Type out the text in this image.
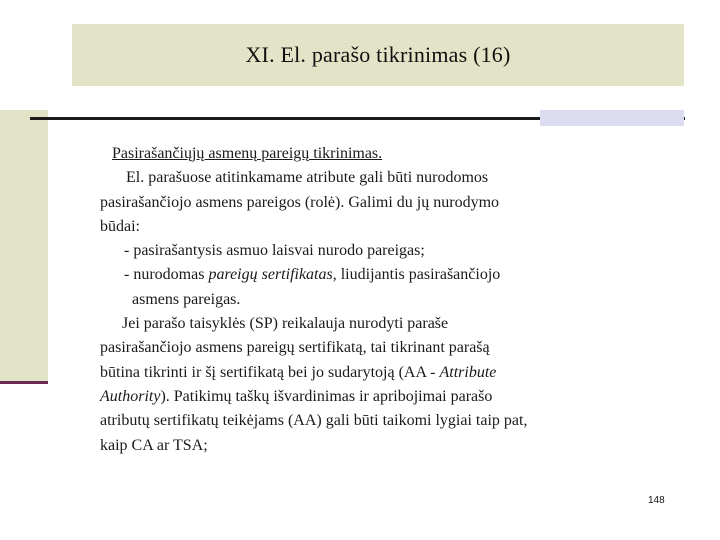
XI. El. parašo tikrinimas (16)
Pasirašančiųjų asmenų pareigų tikrinimas.
El. parašuose atitinkamame atribute gali būti nurodomos
pasirašančiojo asmens pareigos (rolė). Galimi du jų nurodymo
būdai:
- pasirašantysis asmuo laisvai nurodo pareigas;
- nurodomas pareigų sertifikatas, liudijantis pasirašančiojo
asmens pareigas.
Jei parašo taisyklės (SP) reikalauja nurodyti paraše
pasirašančiojo asmens pareigų sertifikatą, tai tikrinant parašą
būtina tikrinti ir šį sertifikatą bei jo sudarytoją (AA - Attribute
Authority). Patikimų taškų išvardinimas ir apribojimai parašo
atributų sertifikatų teikėjams (AA) gali būti taikomi lygiai taip pat,
kaip CA ar TSA;
148
